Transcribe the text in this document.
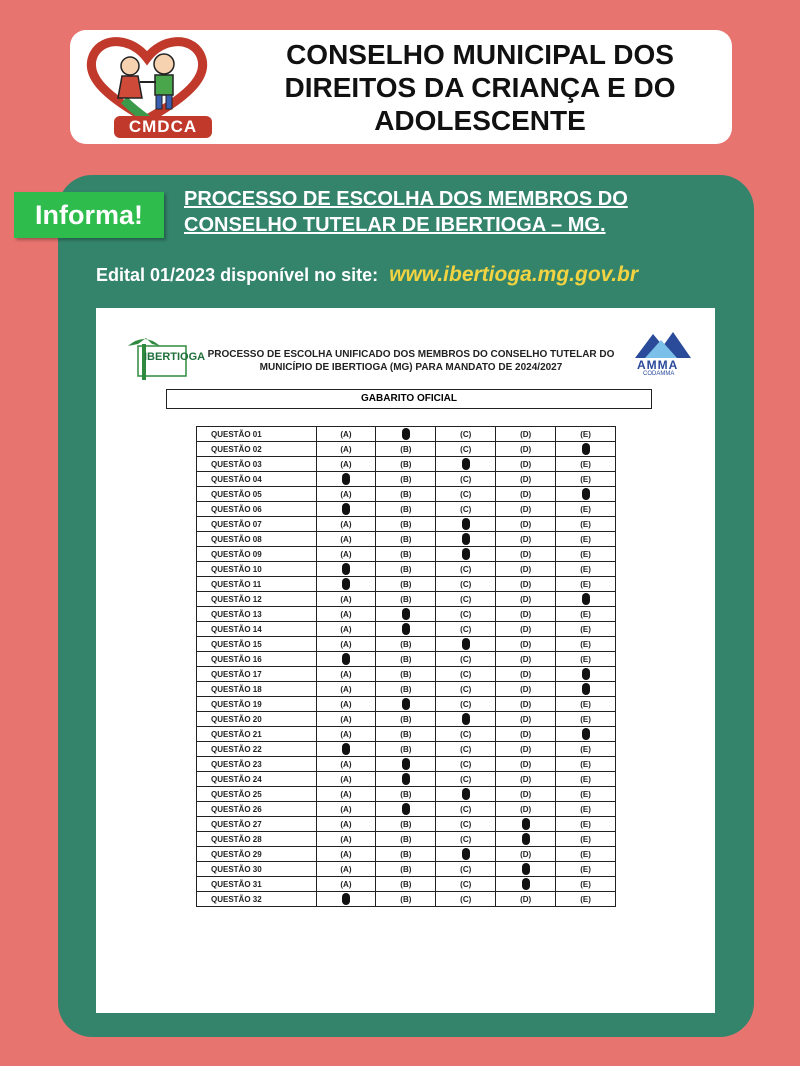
CMDCA
CONSELHO MUNICIPAL DOS DIREITOS DA CRIANÇA E DO ADOLESCENTE
Informa!
PROCESSO DE ESCOLHA DOS MEMBROS DO CONSELHO TUTELAR DE IBERTIOGA – MG.
Edital 01/2023 disponível no site: www.ibertioga.mg.gov.br
IBERTIOGA PROCESSO DE ESCOLHA UNIFICADO DOS MEMBROS DO CONSELHO TUTELAR DO MUNICÍPIO DE IBERTIOGA (MG) PARA MANDATO DE 2024/2027	AMMA
CODAMMA
GABARITO OFICIAL
QUESTÃO 01	(A)		(C)	(D)	(E)
QUESTÃO 02	(A)	(B)	(C)	(D)	
QUESTÃO 03	(A)	(B)		(D)	(E)
QUESTÃO 04		(B)	(C)	(D)	(E)
QUESTÃO 05	(A)	(B)	(C)	(D)	
QUESTÃO 06		(B)	(C)	(D)	(E)
QUESTÃO 07	(A)	(B)		(D)	(E)
QUESTÃO 08	(A)	(B)		(D)	(E)
QUESTÃO 09	(A)	(B)		(D)	(E)
QUESTÃO 10		(B)	(C)	(D)	(E)
QUESTÃO 11		(B)	(C)	(D)	(E)
QUESTÃO 12	(A)	(B)	(C)	(D)	
QUESTÃO 13	(A)		(C)	(D)	(E)
QUESTÃO 14	(A)		(C)	(D)	(E)
QUESTÃO 15	(A)	(B)		(D)	(E)
QUESTÃO 16		(B)	(C)	(D)	(E)
QUESTÃO 17	(A)	(B)	(C)	(D)	
QUESTÃO 18	(A)	(B)	(C)	(D)	
QUESTÃO 19	(A)		(C)	(D)	(E)
QUESTÃO 20	(A)	(B)		(D)	(E)
QUESTÃO 21	(A)	(B)	(C)	(D)	
QUESTÃO 22		(B)	(C)	(D)	(E)
QUESTÃO 23	(A)		(C)	(D)	(E)
QUESTÃO 24	(A)		(C)	(D)	(E)
QUESTÃO 25	(A)	(B)		(D)	(E)
QUESTÃO 26	(A)		(C)	(D)	(E)
QUESTÃO 27	(A)	(B)	(C)		(E)
QUESTÃO 28	(A)	(B)	(C)		(E)
QUESTÃO 29	(A)	(B)		(D)	(E)
QUESTÃO 30	(A)	(B)	(C)		(E)
QUESTÃO 31	(A)	(B)	(C)		(E)
QUESTÃO 32		(B)	(C)	(D)	(E)
